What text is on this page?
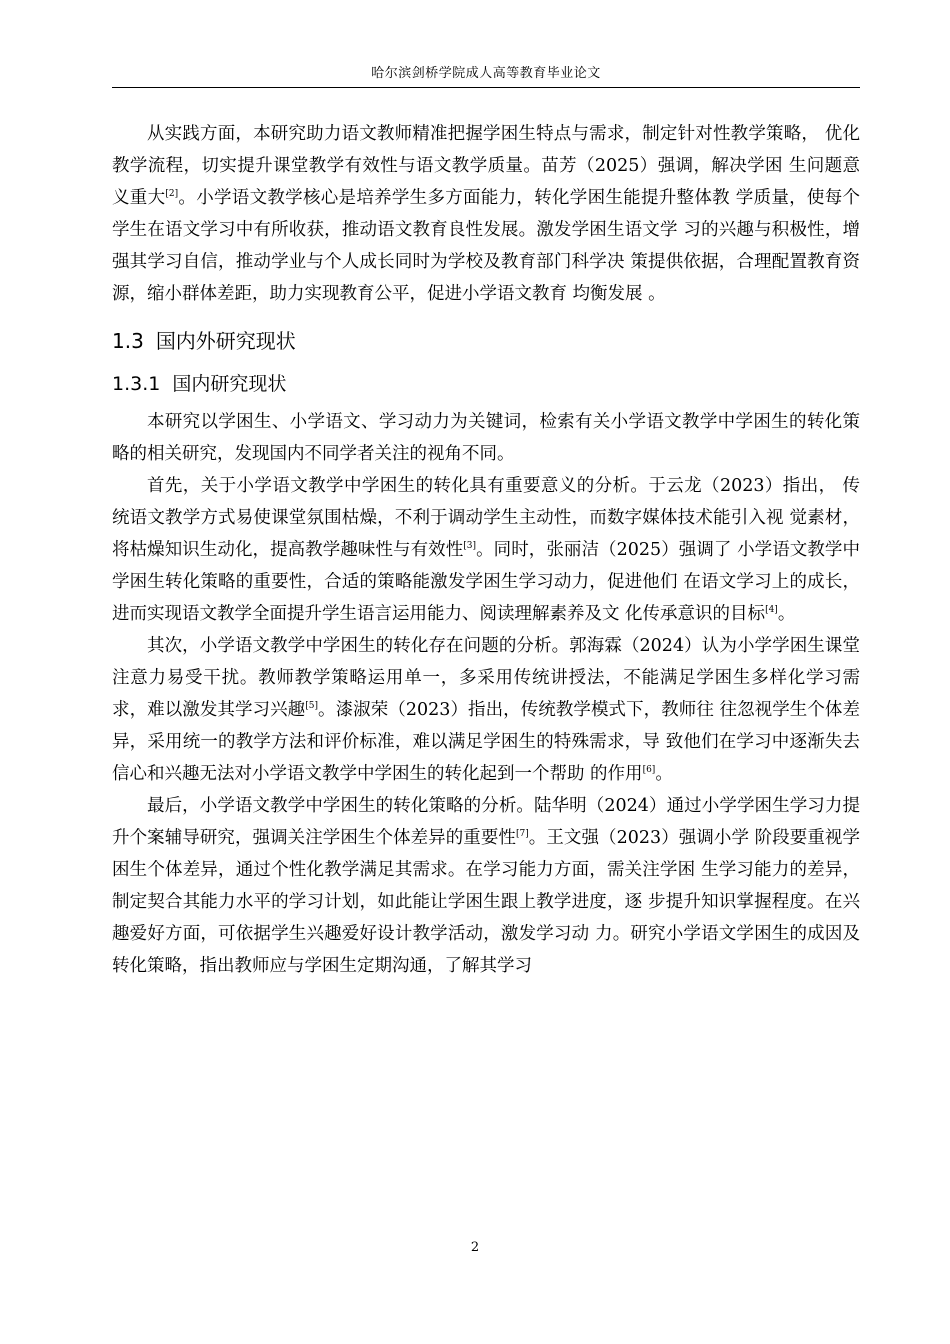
哈尔滨剑桥学院成人高等教育毕业论文

从实践方面，本研究助力语文教师精准把握学困生特点与需求，制定针对性教学策略， 优化教学流程，切实提升课堂教学有效性与语文教学质量。苗芳（2025）强调，解决学困 生问题意义重大[2]。小学语文教学核心是培养学生多方面能力，转化学困生能提升整体教 学质量，使每个学生在语文学习中有所收获，推动语文教育良性发展。激发学困生语文学 习的兴趣与积极性，增强其学习自信，推动学业与个人成长同时为学校及教育部门科学决 策提供依据，合理配置教育资源，缩小群体差距，助力实现教育公平，促进小学语文教育 均衡发展 。

1.3 国内外研究现状
1.3.1 国内研究现状

本研究以学困生、小学语文、学习动力为关键词，检索有关小学语文教学中学困生的转化策略的相关研究，发现国内不同学者关注的视角不同。

首先，关于小学语文教学中学困生的转化具有重要意义的分析。于云龙（2023）指出， 传统语文教学方式易使课堂氛围枯燥，不利于调动学生主动性，而数字媒体技术能引入视 觉素材，将枯燥知识生动化，提高教学趣味性与有效性[3]。同时，张丽洁（2025）强调了 小学语文教学中学困生转化策略的重要性，合适的策略能激发学困生学习动力，促进他们 在语文学习上的成长，进而实现语文教学全面提升学生语言运用能力、阅读理解素养及文 化传承意识的目标[4]。

其次，小学语文教学中学困生的转化存在问题的分析。郭海霖（2024）认为小学学困生课堂注意力易受干扰。教师教学策略运用单一，多采用传统讲授法，不能满足学困生多样化学习需求，难以激发其学习兴趣[5]。漆淑荣（2023）指出，传统教学模式下，教师往 往忽视学生个体差异，采用统一的教学方法和评价标准，难以满足学困生的特殊需求，导 致他们在学习中逐渐失去信心和兴趣无法对小学语文教学中学困生的转化起到一个帮助 的作用[6]。

最后，小学语文教学中学困生的转化策略的分析。陆华明（2024）通过小学学困生学习力提升个案辅导研究，强调关注学困生个体差异的重要性[7]。王文强（2023）强调小学 阶段要重视学困生个体差异，通过个性化教学满足其需求。在学习能力方面，需关注学困 生学习能力的差异，制定契合其能力水平的学习计划，如此能让学困生跟上教学进度，逐 步提升知识掌握程度。在兴趣爱好方面，可依据学生兴趣爱好设计教学活动，激发学习动 力。研究小学语文学困生的成因及转化策略，指出教师应与学困生定期沟通，了解其学习

2
